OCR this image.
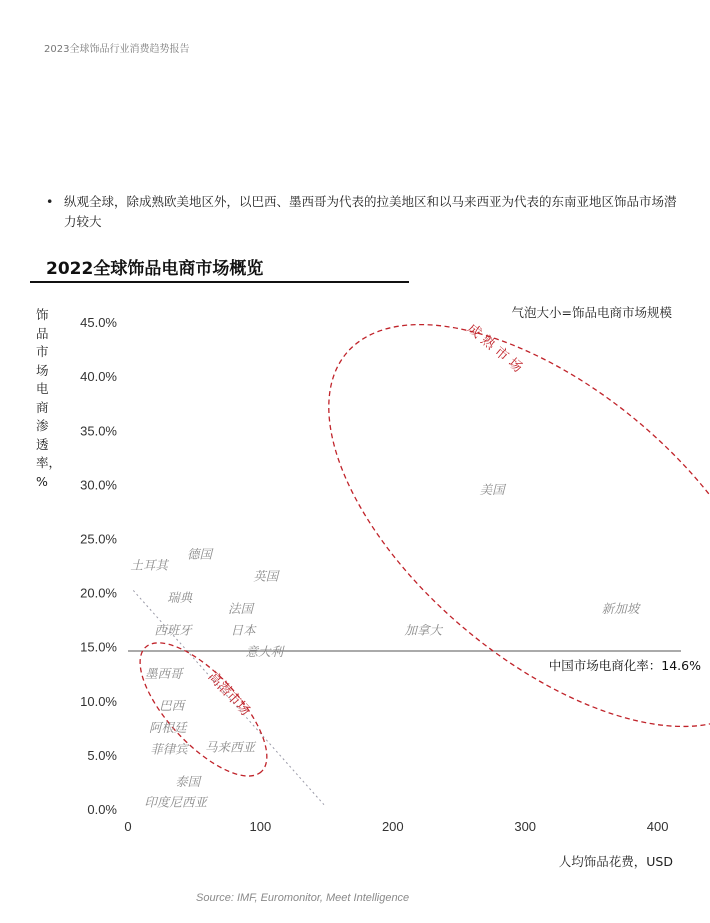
2023全球饰品行业消费趋势报告
• 纵观全球，除成熟欧美地区外，以巴西、墨西哥为代表的拉美地区和以马来西亚为代表的东南亚地区饰品市场潜力较大
2022全球饰品电商市场概览
饰品市场电商渗透率，%
气泡大小=饰品电商市场规模
人均饰品花费，USD
0.0%
5.0%
10.0%
15.0%
20.0%
25.0%
30.0%
35.0%
40.0%
45.0%
0	100	200	300	400
中国市场电商化率：14.6%
成 熟 市 场
高潜市场
美国
新加坡
加拿大
英国
德国
土耳其
瑞典
法国
西班牙	日本
意大利
墨西哥
巴西
阿根廷
菲律宾 马来西亚
泰国
印度尼西亚
Source: IMF, Euromonitor, Meet Intelligence
